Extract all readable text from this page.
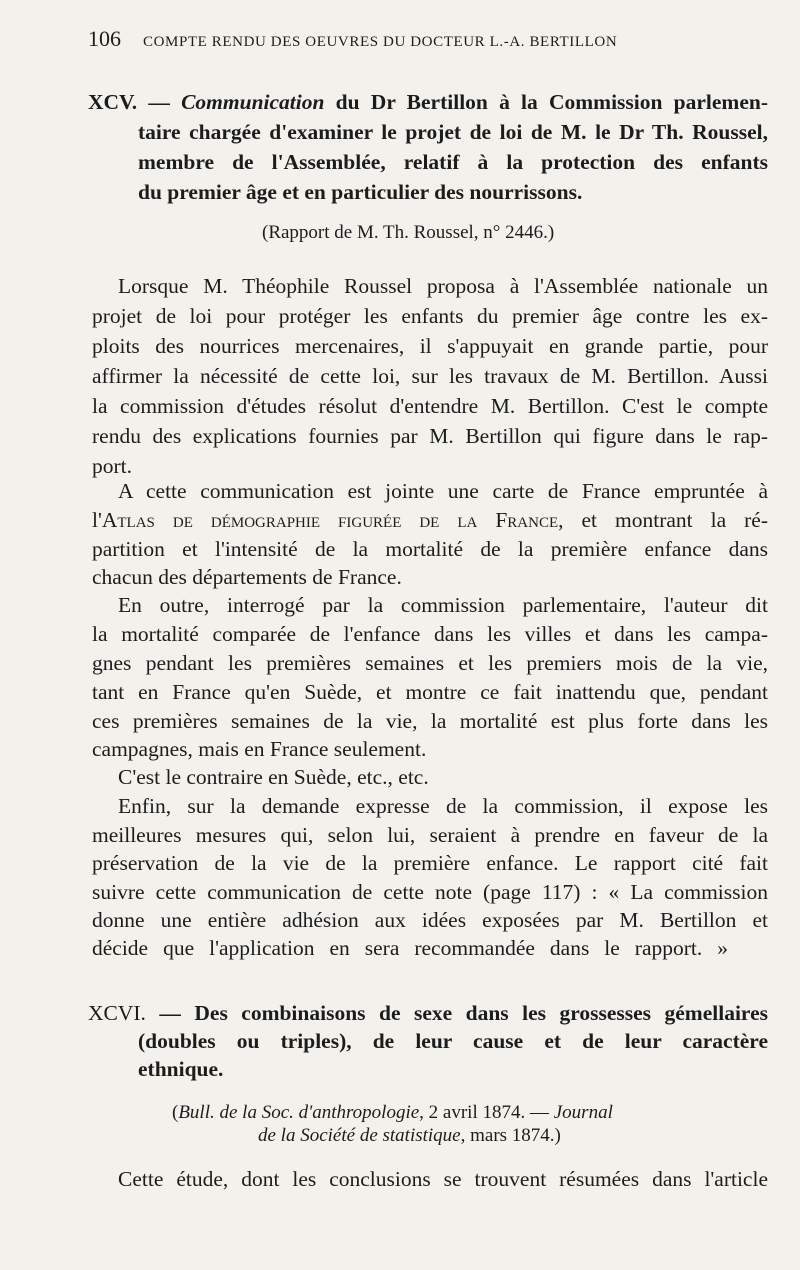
106 COMPTE RENDU DES OEUVRES DU DOCTEUR L.-A. BERTILLON
XCV. — Communication du Dr Bertillon à la Commission parlemen-
taire chargée d'examiner le projet de loi de M. le Dr Th. Roussel,
membre de l'Assemblée, relatif à la protection des enfants
du premier âge et en particulier des nourrissons.
(Rapport de M. Th. Roussel, n° 2446.)
Lorsque M. Théophile Roussel proposa à l'Assemblée nationale un
projet de loi pour protéger les enfants du premier âge contre les ex-
ploits des nourrices mercenaires, il s'appuyait en grande partie, pour
affirmer la nécessité de cette loi, sur les travaux de M. Bertillon. Aussi
la commission d'études résolut d'entendre M. Bertillon. C'est le compte
rendu des explications fournies par M. Bertillon qui figure dans le rap-
port.
A cette communication est jointe une carte de France empruntée à
l'Atlas de démographie figurée de la France, et montrant la ré-
partition et l'intensité de la mortalité de la première enfance dans
chacun des départements de France.
En outre, interrogé par la commission parlementaire, l'auteur dit
la mortalité comparée de l'enfance dans les villes et dans les campa-
gnes pendant les premières semaines et les premiers mois de la vie,
tant en France qu'en Suède, et montre ce fait inattendu que, pendant
ces premières semaines de la vie, la mortalité est plus forte dans les
campagnes, mais en France seulement.
C'est le contraire en Suède, etc., etc.
Enfin, sur la demande expresse de la commission, il expose les
meilleures mesures qui, selon lui, seraient à prendre en faveur de la
préservation de la vie de la première enfance. Le rapport cité fait
suivre cette communication de cette note (page 117) : « La commission
donne une entière adhésion aux idées exposées par M. Bertillon et
décide que l'application en sera recommandée dans le rapport. »
XCVI. — Des combinaisons de sexe dans les grossesses gémellaires
(doubles ou triples), de leur cause et de leur caractère
ethnique.
(Bull. de la Soc. d'anthropologie, 2 avril 1874. — Journal
de la Société de statistique, mars 1874.)
Cette étude, dont les conclusions se trouvent résumées dans l'article
